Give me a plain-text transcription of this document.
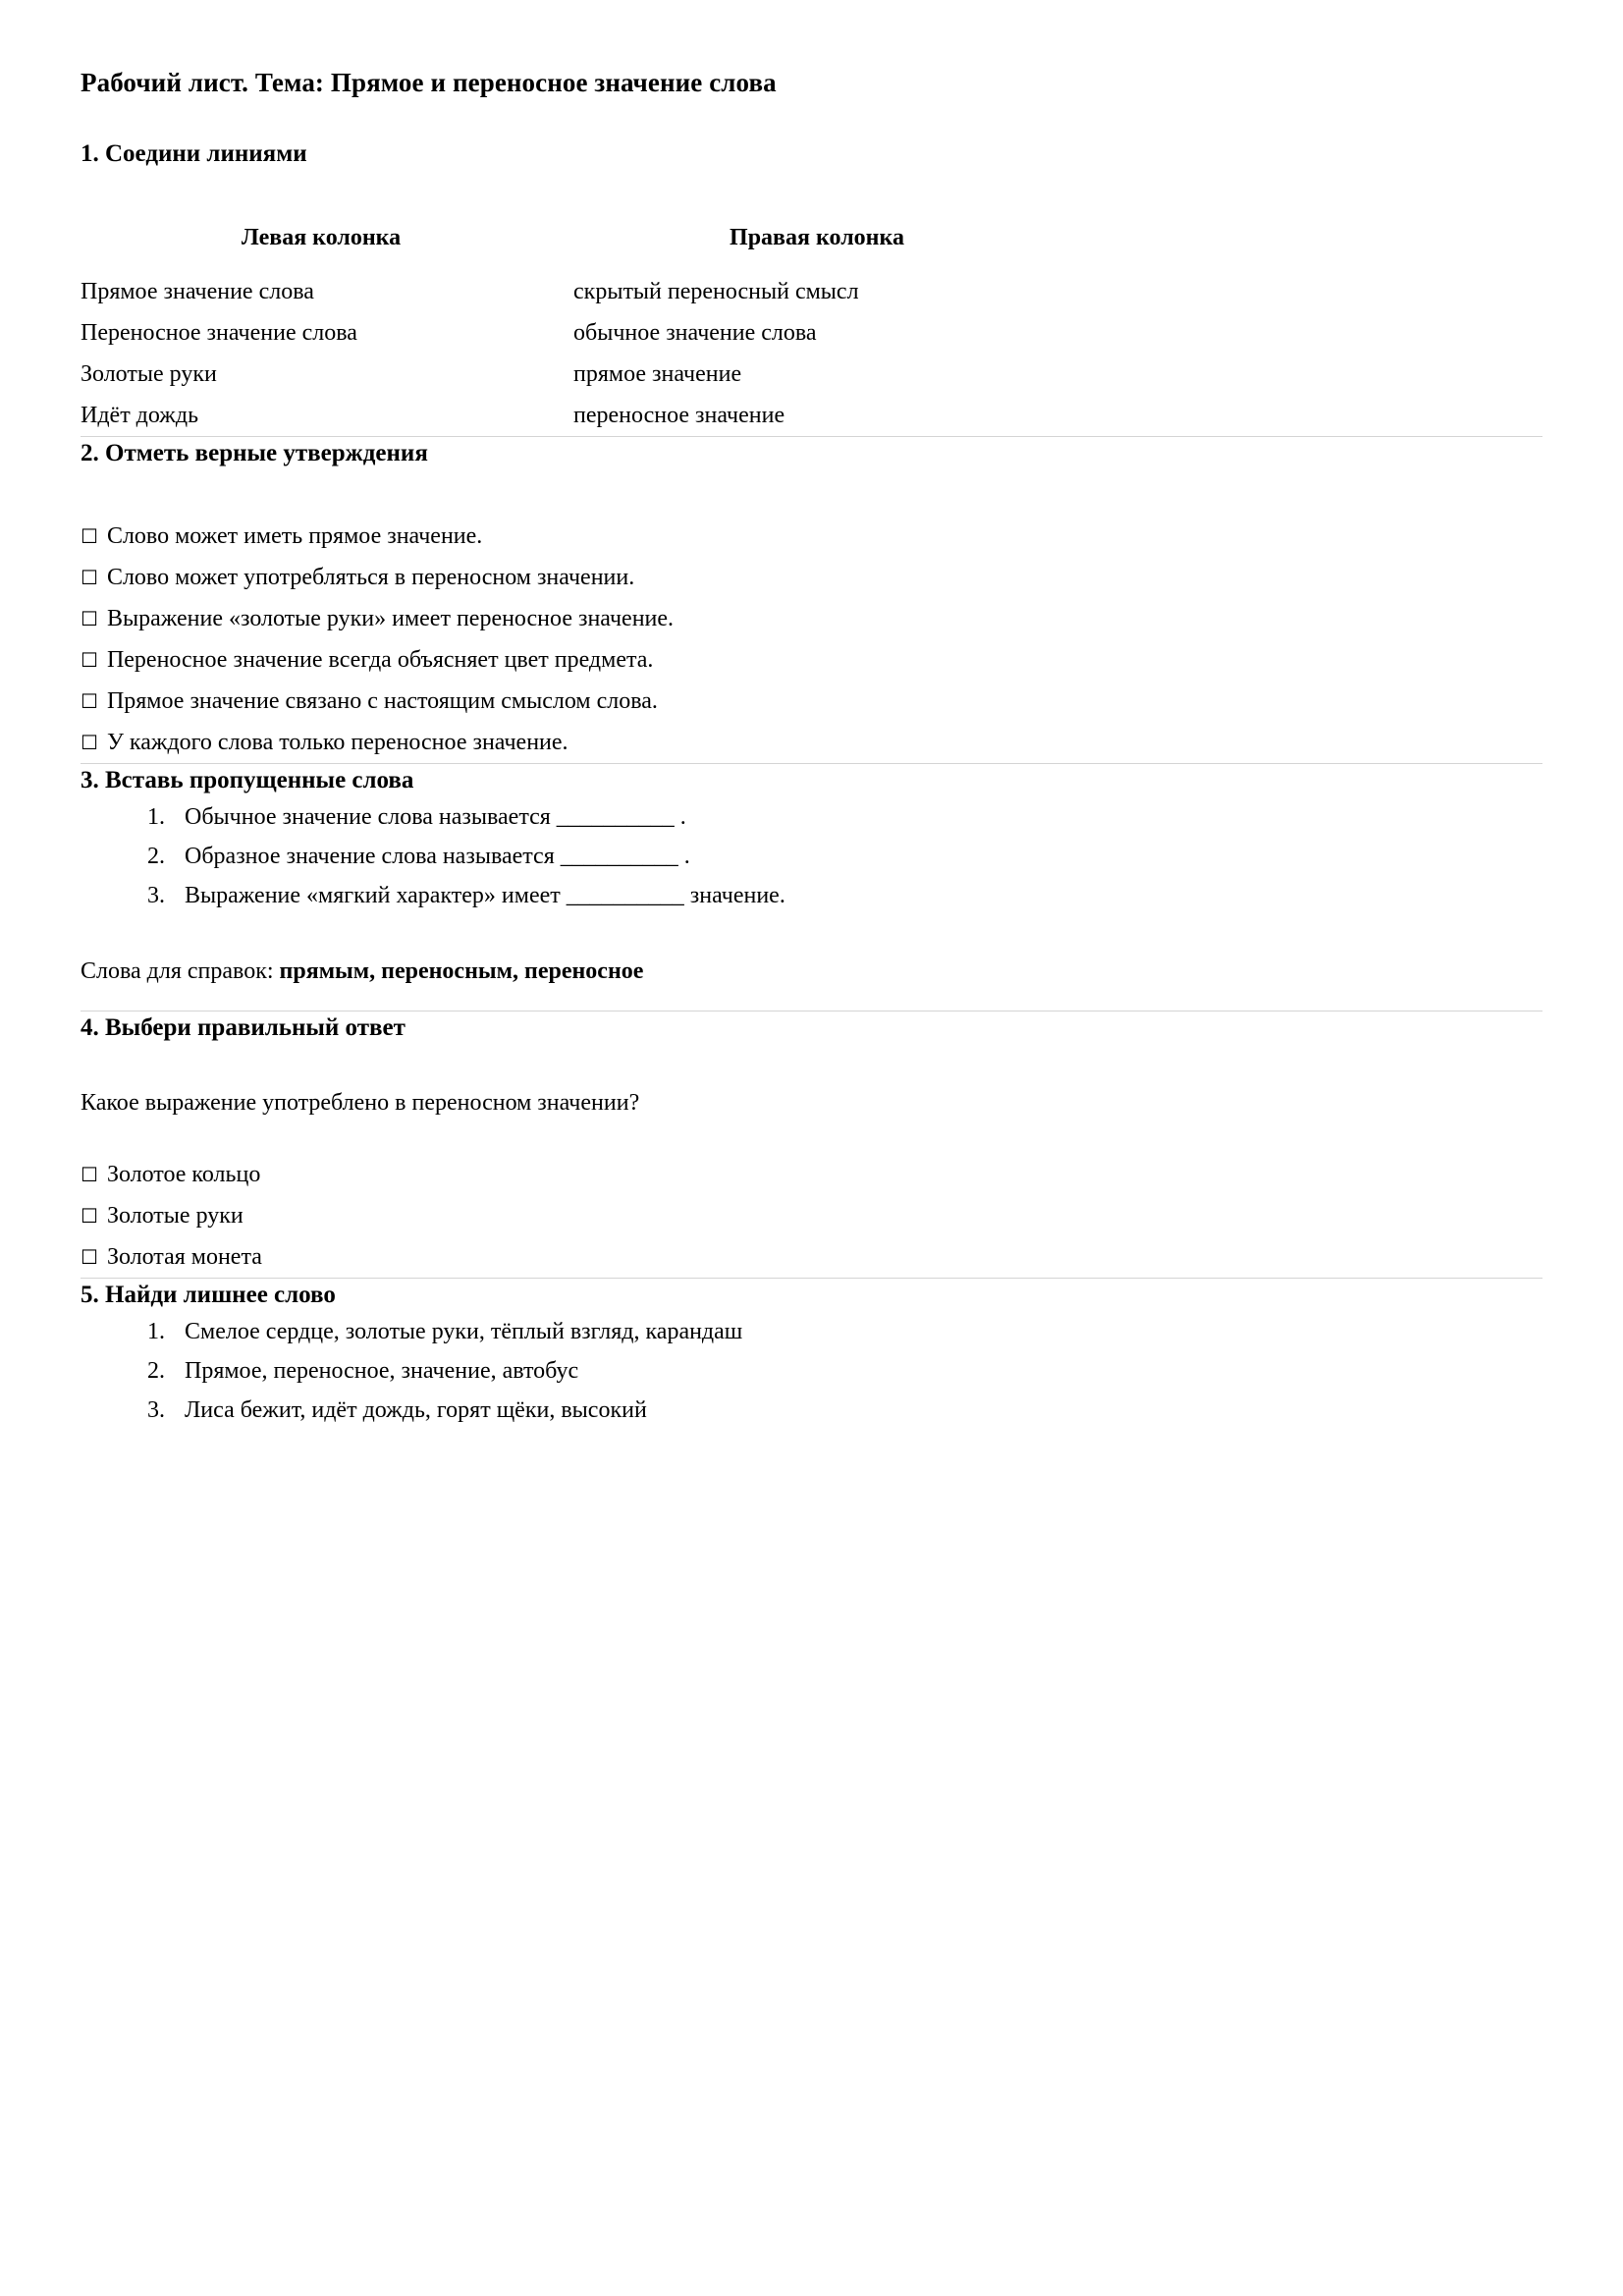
Рабочий лист. Тема: Прямое и переносное значение слова
1. Соедини линиями
Левая колонка	Правая колонка
Прямое значение слова	скрытый переносный смысл
Переносное значение слова	обычное значение слова
Золотые руки	прямое значение
Идёт дождь	переносное значение
2. Отметь верные утверждения
☐ Слово может иметь прямое значение.
☐ Слово может употребляться в переносном значении.
☐ Выражение «золотые руки» имеет переносное значение.
☐ Переносное значение всегда объясняет цвет предмета.
☐ Прямое значение связано с настоящим смыслом слова.
☐ У каждого слова только переносное значение.
3. Вставь пропущенные слова
1. Обычное значение слова называется __________ .
2. Образное значение слова называется __________ .
3. Выражение «мягкий характер» имеет __________ значение.

Слова для справок: прямым, переносным, переносное

4. Выбери правильный ответ

Какое выражение употреблено в переносном значении?

☐ Золотое кольцо
☐ Золотые руки
☐ Золотая монета
5. Найди лишнее слово
1. Смелое сердце, золотые руки, тёплый взгляд, карандаш
2. Прямое, переносное, значение, автобус
3. Лиса бежит, идёт дождь, горят щёки, высокий
